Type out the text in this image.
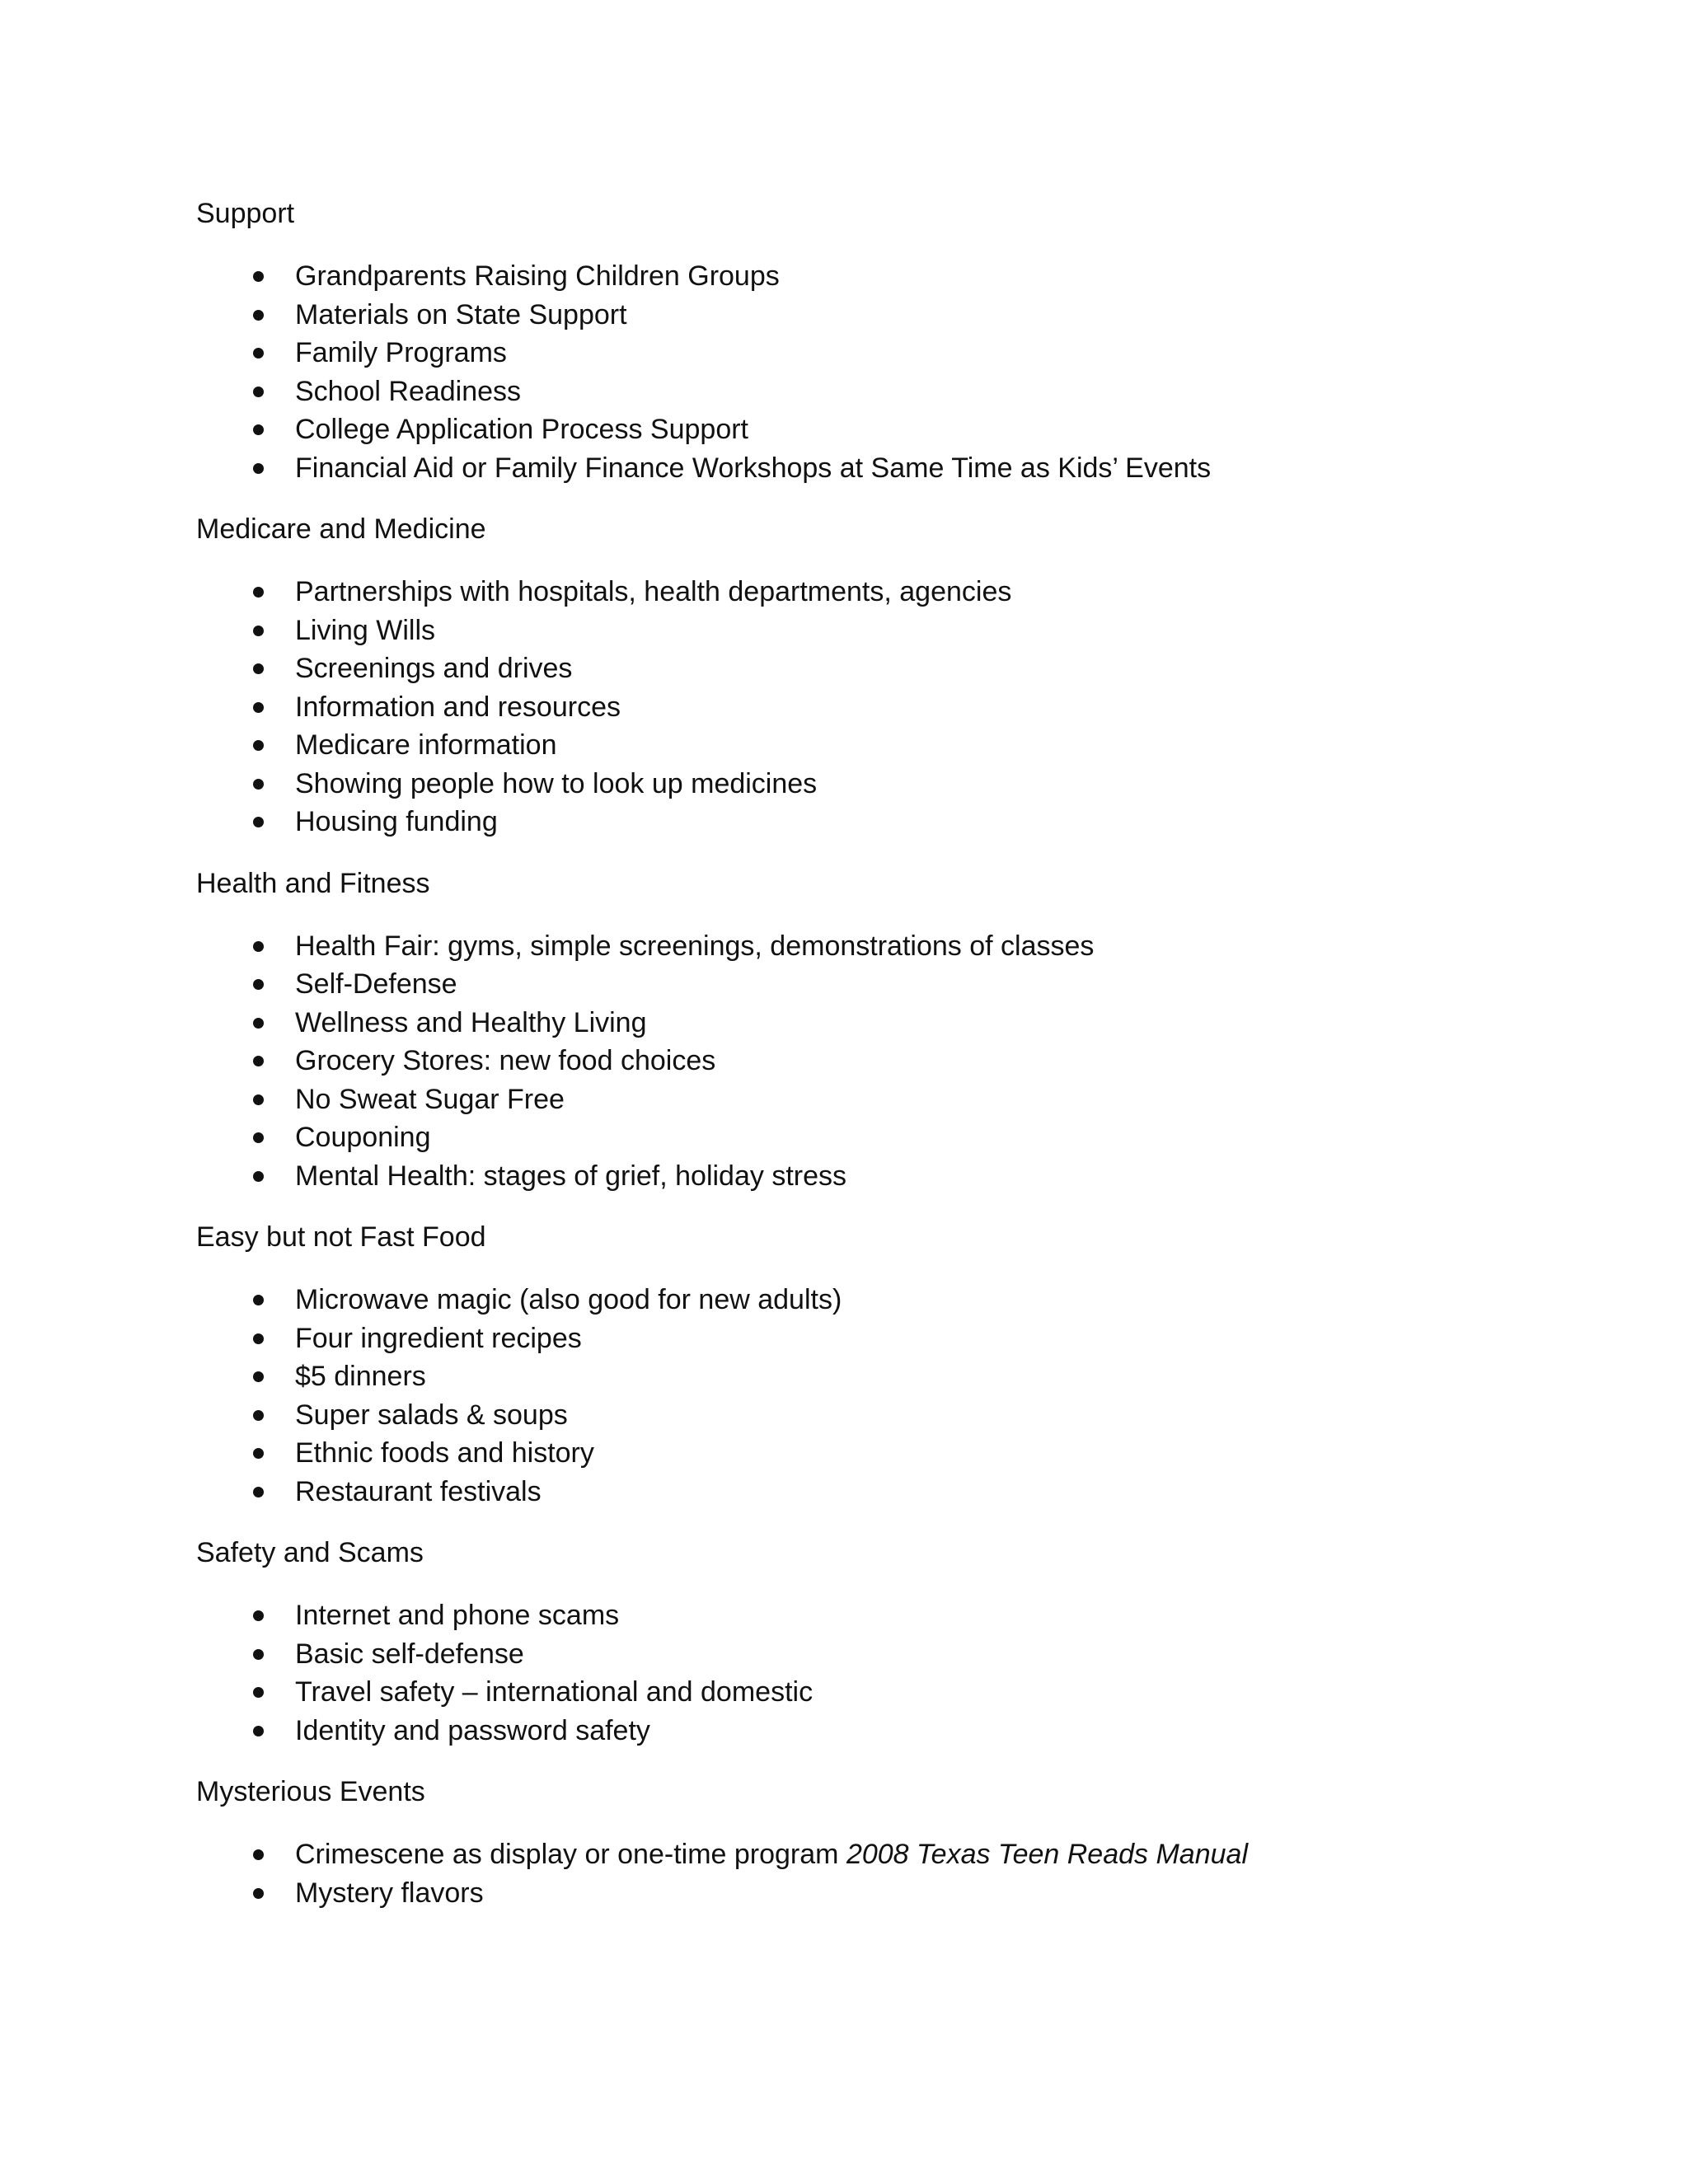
Support

Grandparents Raising Children Groups
Materials on State Support
Family Programs
School Readiness
College Application Process Support
Financial Aid or Family Finance Workshops at Same Time as Kids’ Events

Medicare and Medicine

Partnerships with hospitals, health departments, agencies
Living Wills
Screenings and drives
Information and resources
Medicare information
Showing people how to look up medicines
Housing funding

Health and Fitness

Health Fair: gyms, simple screenings, demonstrations of classes
Self-Defense
Wellness and Healthy Living
Grocery Stores: new food choices
No Sweat Sugar Free
Couponing
Mental Health: stages of grief, holiday stress

Easy but not Fast Food

Microwave magic (also good for new adults)
Four ingredient recipes
$5 dinners
Super salads & soups
Ethnic foods and history
Restaurant festivals

Safety and Scams

Internet and phone scams
Basic self-defense
Travel safety – international and domestic
Identity and password safety

Mysterious Events

Crimescene as display or one-time program 2008 Texas Teen Reads Manual
Mystery flavors
